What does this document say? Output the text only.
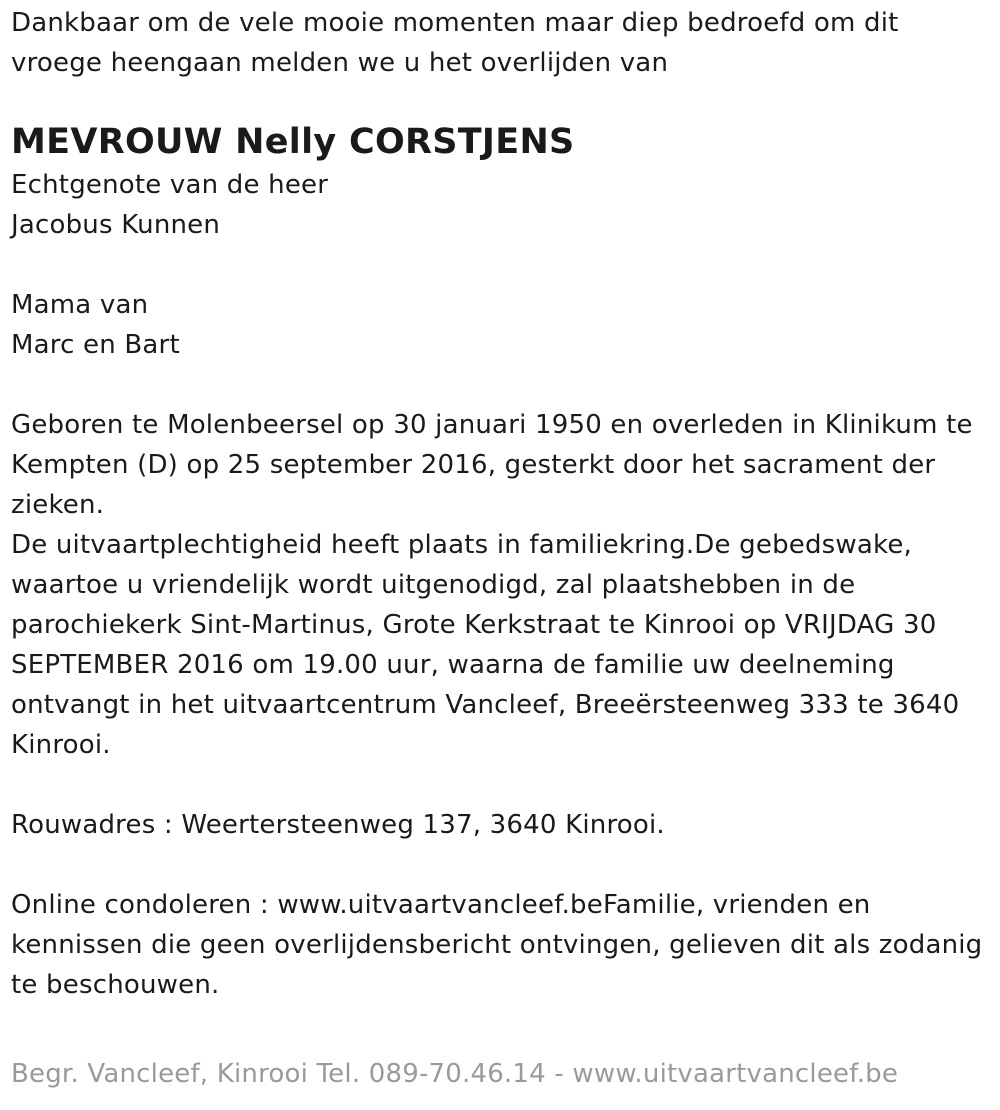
Dankbaar om de vele mooie momenten maar diep bedroefd om dit
vroege heengaan melden we u het overlijden van

MEVROUW Nelly CORSTJENS

Echtgenote van de heer
Jacobus Kunnen

Mama van
Marc en Bart

Geboren te Molenbeersel op 30 januari 1950 en overleden in Klinikum te
Kempten (D) op 25 september 2016, gesterkt door het sacrament der
zieken.
De uitvaartplechtigheid heeft plaats in familiekring.De gebedswake,
waartoe u vriendelijk wordt uitgenodigd, zal plaatshebben in de
parochiekerk Sint-Martinus, Grote Kerkstraat te Kinrooi op VRIJDAG 30
SEPTEMBER 2016 om 19.00 uur, waarna de familie uw deelneming
ontvangt in het uitvaartcentrum Vancleef, Breeërsteenweg 333 te 3640
Kinrooi.

Rouwadres : Weertersteenweg 137, 3640 Kinrooi.

Online condoleren : www.uitvaartvancleef.beFamilie, vrienden en
kennissen die geen overlijdensbericht ontvingen, gelieven dit als zodanig
te beschouwen.

Begr. Vancleef, Kinrooi Tel. 089-70.46.14 - www.uitvaartvancleef.be
